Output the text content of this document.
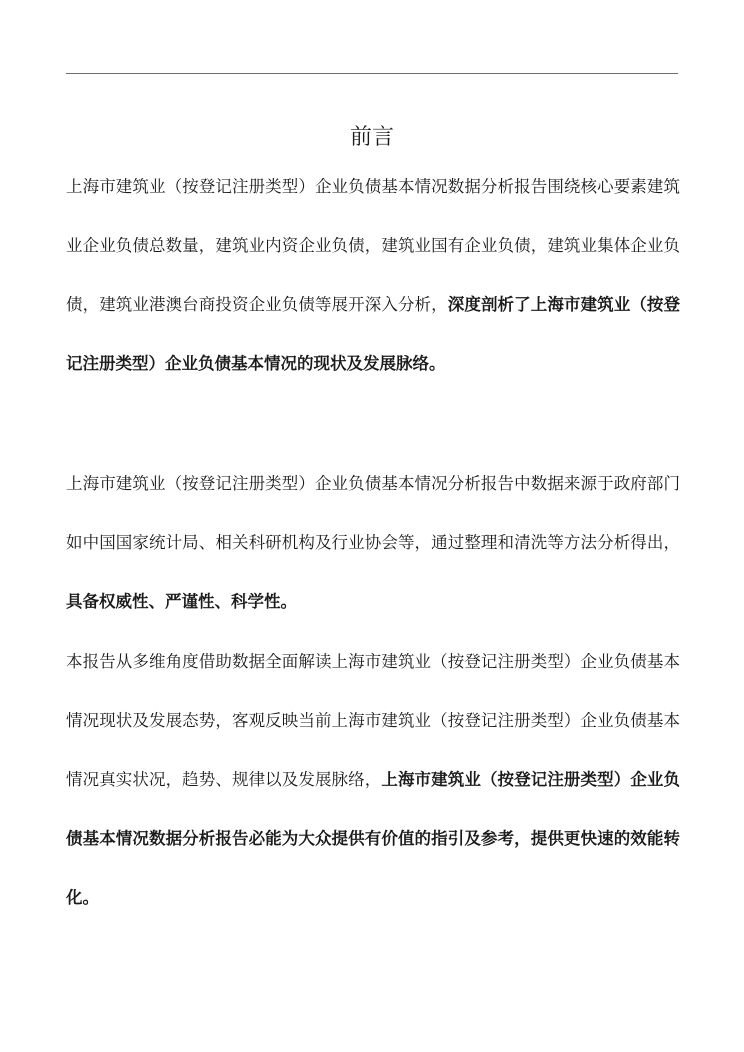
前言

上海市建筑业（按登记注册类型）企业负债基本情况数据分析报告围绕核心要素建筑业企业负债总数量，建筑业内资企业负债，建筑业国有企业负债，建筑业集体企业负债，建筑业港澳台商投资企业负债等展开深入分析，深度剖析了上海市建筑业（按登记注册类型）企业负债基本情况的现状及发展脉络。

上海市建筑业（按登记注册类型）企业负债基本情况分析报告中数据来源于政府部门如中国国家统计局、相关科研机构及行业协会等，通过整理和清洗等方法分析得出，具备权威性、严谨性、科学性。

本报告从多维角度借助数据全面解读上海市建筑业（按登记注册类型）企业负债基本情况现状及发展态势，客观反映当前上海市建筑业（按登记注册类型）企业负债基本情况真实状况，趋势、规律以及发展脉络，上海市建筑业（按登记注册类型）企业负债基本情况数据分析报告必能为大众提供有价值的指引及参考，提供更快速的效能转化。
